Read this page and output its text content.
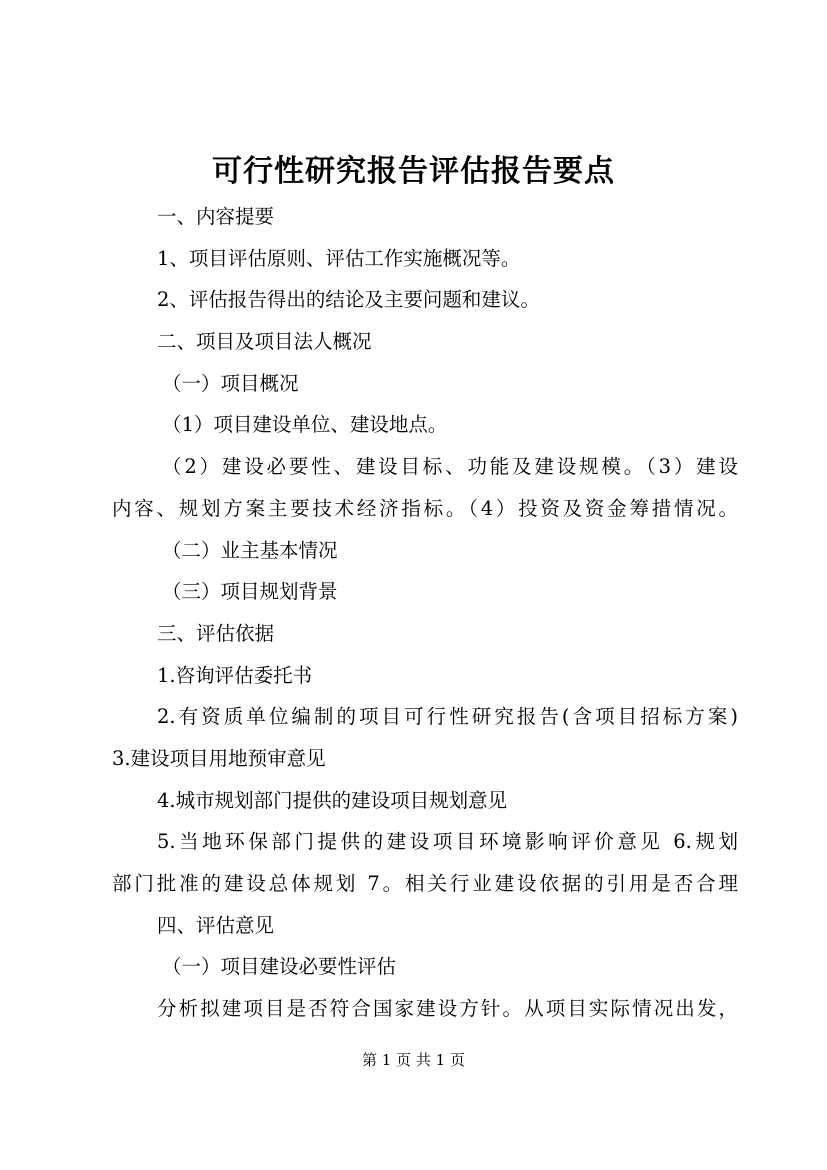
可行性研究报告评估报告要点
一、内容提要
1、项目评估原则、评估工作实施概况等。
2、评估报告得出的结论及主要问题和建议。
二、项目及项目法人概况
（一）项目概况
（1）项目建设单位、建设地点。
（2）建设必要性、建设目标、功能及建设规模。（3）建设
内容、规划方案主要技术经济指标。（4）投资及资金筹措情况。
（二）业主基本情况
（三）项目规划背景
三、评估依据
1.咨询评估委托书
2.有资质单位编制的项目可行性研究报告(含项目招标方案)
3.建设项目用地预审意见
4.城市规划部门提供的建设项目规划意见
5.当地环保部门提供的建设项目环境影响评价意见 6.规划
部门批准的建设总体规划 7。相关行业建设依据的引用是否合理
四、评估意见
（一）项目建设必要性评估
分析拟建项目是否符合国家建设方针。从项目实际情况出发，
第 1 页 共 1 页
